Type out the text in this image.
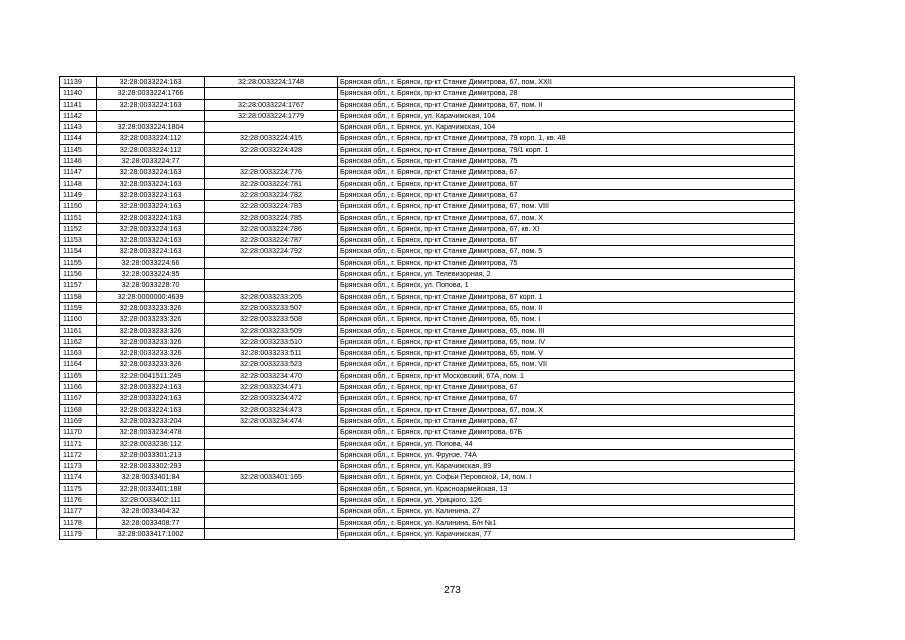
11139	32:28:0033224:163	32:28:0033224:1748	Брянская обл., г. Брянск, пр-кт Станке Димитрова, 67, пом. XXII
11140	32:28:0033224:1766		Брянская обл., г. Брянск, пр-кт Станке Димитрова, 28
11141	32:28:0033224:163	32:28:0033224:1767	Брянская обл., г. Брянск, пр-кт Станке Димитрова, 67, пом. II
11142		32:28:0033224:1779	Брянская обл., г. Брянск, ул. Карачижская, 104
11143	32:28:0033224:1804		Брянская обл., г. Брянск, ул. Карачижская, 104
11144	32:28:0033224:112	32:28:0033224:415	Брянская обл., г. Брянск, пр-кт Станке Димитрова, 79 корп. 1, кв. 48
11145	32:28:0033224:112	32:28:0033224:428	Брянская обл., г. Брянск, пр-кт Станке Димитрова, 79/1 корп. 1
11146	32:28:0033224:77		Брянская обл., г. Брянск, пр-кт Станке Димитрова, 75
11147	32:28:0033224:163	32:28:0033224:776	Брянская обл., г. Брянск, пр-кт Станке Димитрова, 67
11148	32:28:0033224:163	32:28:0033224:781	Брянская обл., г. Брянск, пр-кт Станке Димитрова, 67
11149	32:28:0033224:163	32:28:0033224:782	Брянская обл., г. Брянск, пр-кт Станке Димитрова, 67
11150	32:28:0033224:163	32:28:0033224:783	Брянская обл., г. Брянск, пр-кт Станке Димитрова, 67, пом. VIII
11151	32:28:0033224:163	32:28:0033224:785	Брянская обл., г. Брянск, пр-кт Станке Димитрова, 67, пом. X
11152	32:28:0033224:163	32:28:0033224:786	Брянская обл., г. Брянск, пр-кт Станке Димитрова, 67, кв. XI
11153	32:28:0033224:163	32:28:0033224:787	Брянская обл., г. Брянск, пр-кт Станке Димитрова, 67
11154	32:28:0033224:163	32:28:0033224:792	Брянская обл., г. Брянск, пр-кт Станке Димитрова, 67, пом. 5
11155	32:28:0033224:66		Брянская обл., г. Брянск, пр-кт Станке Димитрова, 75
11156	32:28:0033224:95		Брянская обл., г. Брянск, ул. Телевизорная, 2
11157	32:28:0033228:70		Брянская обл., г. Брянск, ул. Попова, 1
11158	32:28:0000000:4639	32:28:0033233:205	Брянская обл., г. Брянск, пр-кт Станке Димитрова, 67 корп. 1
11159	32:28:0033233:326	32:28:0033233:507	Брянская обл., г. Брянск, пр-кт Станке Димитрова, 65, пом. II
11160	32:28:0033233:326	32:28:0033233:508	Брянская обл., г. Брянск, пр-кт Станке Димитрова, 65, пом. I
11161	32:28:0033233:326	32:28:0033233:509	Брянская обл., г. Брянск, пр-кт Станке Димитрова, 65, пом. III
11162	32:28:0033233:326	32:28:0033233:510	Брянская обл., г. Брянск, пр-кт Станке Димитрова, 65, пом. IV
11163	32:28:0033233:326	32:28:0033233:511	Брянская обл., г. Брянск, пр-кт Станке Димитрова, 65, пом. V
11164	32:28:0033233:326	32:28:0033233:523	Брянская обл., г. Брянск, пр-кт Станке Димитрова, 65, пом. VII
11165	32:28:0041511:249	32:28:0033234:470	Брянская обл., г. Брянск, пр-кт Московский, 67А, пом. 1
11166	32:28:0033224:163	32:28:0033234:471	Брянская обл., г. Брянск, пр-кт Станке Димитрова, 67
11167	32:28:0033224:163	32:28:0033234:472	Брянская обл., г. Брянск, пр-кт Станке Димитрова, 67
11168	32:28:0033224:163	32:28:0033234:473	Брянская обл., г. Брянск, пр-кт Станке Димитрова, 67, пом. X
11169	32:28:0033233:204	32:28:0033234:474	Брянская обл., г. Брянск, пр-кт Станке Димитрова, 67
11170	32:28:0033234:478		Брянская обл., г. Брянск, пр-кт Станке Димитрова, 67Б
11171	32:28:0033236:112		Брянская обл., г. Брянск, ул. Попова, 44
11172	32:28:0033301:213		Брянская обл., г. Брянск, ул. Фрунзе, 74А
11173	32:28:0033302:293		Брянская обл., г. Брянск, ул. Карачижская, 89
11174	32:28:0033401:84	32:28:0033401:165	Брянская обл., г. Брянск, ул. Софьи Перовской, 14, пом. I
11175	32:28:0033401:188		Брянская обл., г. Брянск, ул. Красноармейская, 13
11176	32:28:0033402:111		Брянская обл., г. Брянск, ул. Урицкого, 126
11177	32:28:0033404:32		Брянская обл., г. Брянск, ул. Калинина, 27
11178	32:28:0033408:77		Брянская обл., г. Брянск, ул. Калинина, Б/н №1
11179	32:28:0033417:1002		Брянская обл., г. Брянск, ул. Карачижская, 77
273
